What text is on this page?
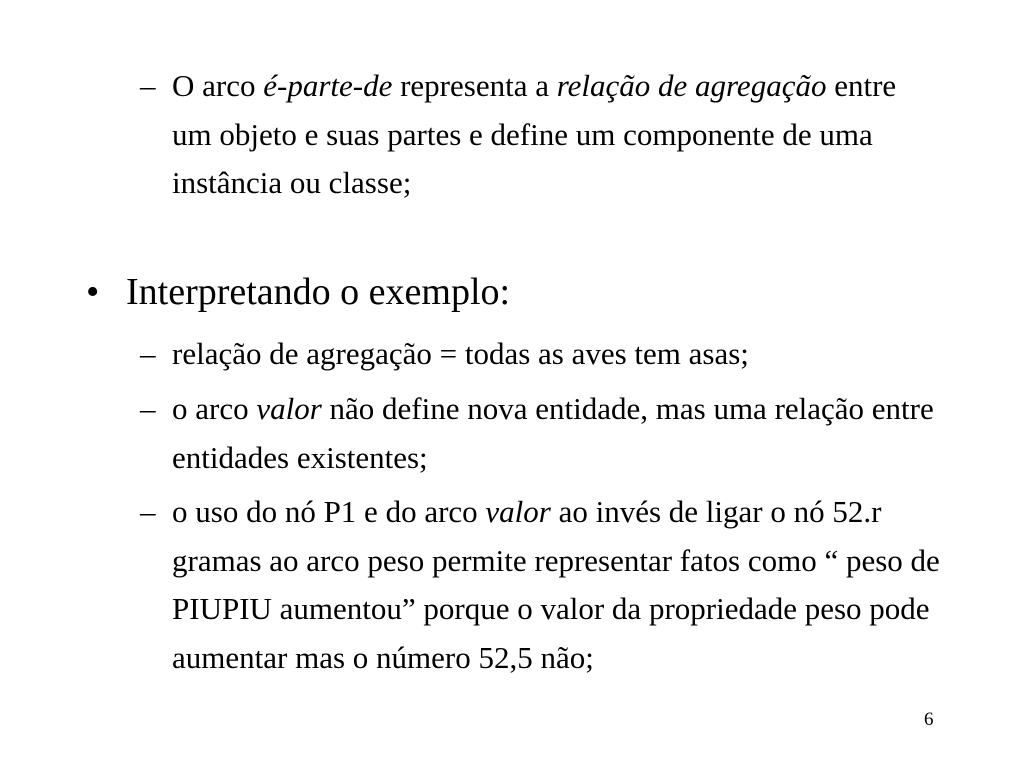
– O arco é-parte-de representa a relação de agregação entre um objeto e suas partes e define um componente de uma instância ou classe;

• Interpretando o exemplo:

– relação de agregação = todas as aves tem asas;

– o arco valor não define nova entidade, mas uma relação entre entidades existentes;

– o uso do nó P1 e do arco valor ao invés de ligar o nó 52.r gramas ao arco peso permite representar fatos como “ peso de PIUPIU aumentou” porque o valor da propriedade peso pode aumentar mas o número 52,5 não;

6
